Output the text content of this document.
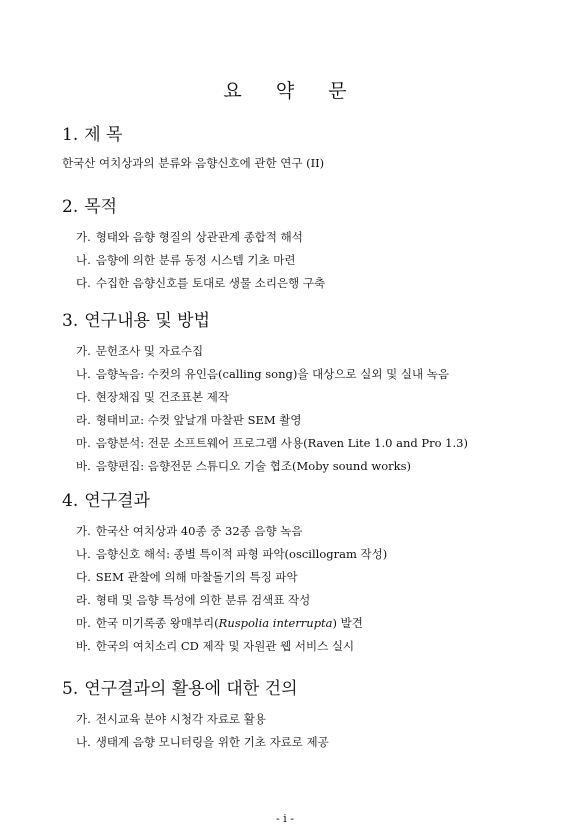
요 약 문
1. 제 목
한국산 여치상과의 분류와 음향신호에 관한 연구 (II)
2. 목적
가. 형태와 음향 형질의 상관관계 종합적 해석
나. 음향에 의한 분류 동정 시스템 기초 마련
다. 수집한 음향신호를 토대로 생물 소리은행 구축
3. 연구내용 및 방법
가. 문헌조사 및 자료수집
나. 음향녹음: 수컷의 유인음(calling song)을 대상으로 실외 및 실내 녹음
다. 현장채집 및 건조표본 제작
라. 형태비교: 수컷 앞날개 마찰판 SEM 촬영
마. 음향분석: 전문 소프트웨어 프로그램 사용(Raven Lite 1.0 and Pro 1.3)
바. 음향편집: 음향전문 스튜디오 기술 협조(Moby sound works)
4. 연구결과
가. 한국산 여치상과 40종 중 32종 음향 녹음
나. 음향신호 해석: 종별 특이적 파형 파악(oscillogram 작성)
다. SEM 관찰에 의해 마찰돌기의 특징 파악
라. 형태 및 음향 특성에 의한 분류 검색표 작성
마. 한국 미기록종 왕매부리(Ruspolia interrupta) 발견
바. 한국의 여치소리 CD 제작 및 자원관 웹 서비스 실시
5. 연구결과의 활용에 대한 건의
가. 전시교육 분야 시청각 자료로 활용
나. 생태계 음향 모니터링을 위한 기초 자료로 제공
- i -
